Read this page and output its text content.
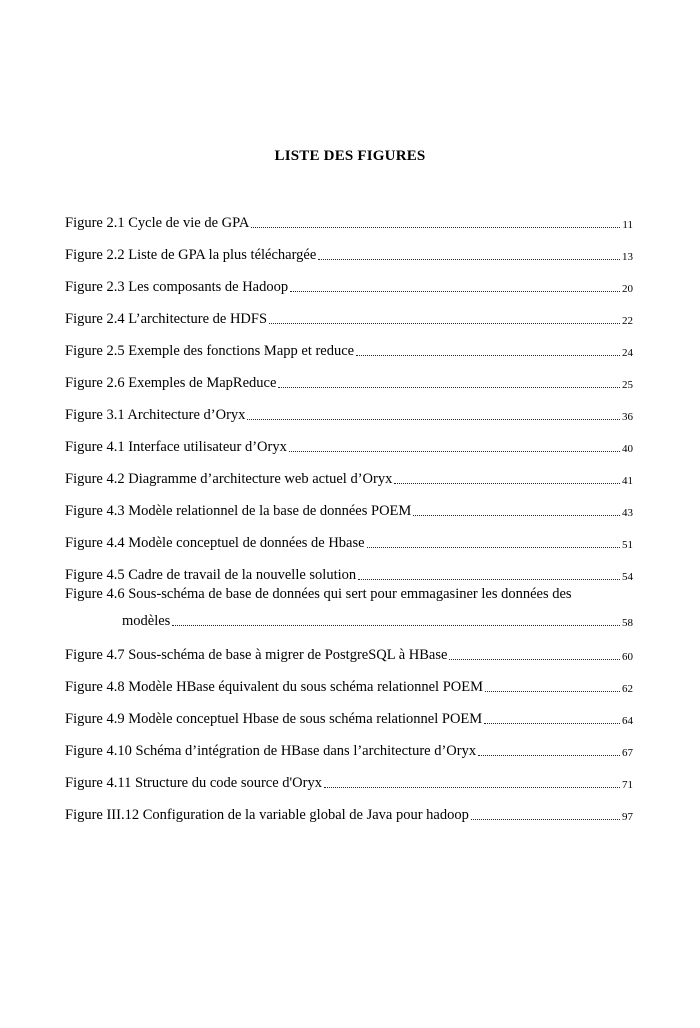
LISTE DES FIGURES
Figure 2.1 Cycle de vie de GPA	11
Figure 2.2 Liste de GPA la plus téléchargée	13
Figure 2.3 Les composants de Hadoop	20
Figure 2.4 L’architecture de HDFS	22
Figure 2.5 Exemple des fonctions Mapp et reduce	24
Figure 2.6 Exemples de MapReduce	25
Figure 3.1 Architecture d’Oryx	36
Figure 4.1 Interface utilisateur d’Oryx	40
Figure 4.2 Diagramme d’architecture web actuel d’Oryx	41
Figure 4.3 Modèle relationnel de la base de données POEM	43
Figure 4.4 Modèle conceptuel de données de Hbase	51
Figure 4.5 Cadre de travail de la nouvelle solution	54
Figure 4.6 Sous-schéma de base de données qui sert pour emmagasiner les données des
modèles	58
Figure 4.7 Sous-schéma de base à migrer de PostgreSQL à HBase	60
Figure 4.8 Modèle HBase équivalent du sous schéma relationnel POEM	62
Figure 4.9 Modèle conceptuel Hbase de sous schéma relationnel POEM	64
Figure 4.10 Schéma d’intégration de HBase dans l’architecture d’Oryx	67
Figure 4.11 Structure du code source d'Oryx	71
Figure III.12 Configuration de la variable global de Java pour hadoop	97
